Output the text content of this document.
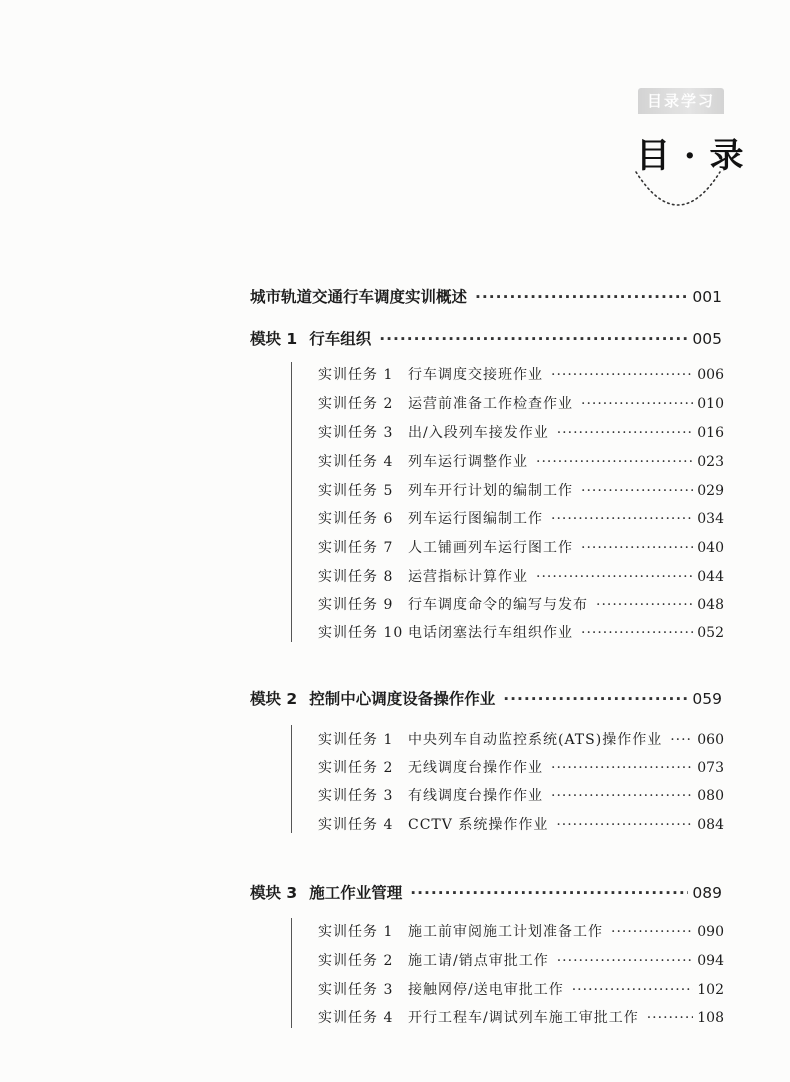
目录学习
目 · 录
城市轨道交通行车调度实训概述 ·····	001
模块 1 行车组织 ·····	005
实训任务 1	行车调度交接班作业 ·····	006
实训任务 2	运营前准备工作检查作业 ·····	010
实训任务 3	出/入段列车接发作业 ·····	016
实训任务 4	列车运行调整作业 ·····	023
实训任务 5	列车开行计划的编制工作 ·····	029
实训任务 6	列车运行图编制工作 ·····	034
实训任务 7	人工铺画列车运行图工作 ·····	040
实训任务 8	运营指标计算作业 ·····	044
实训任务 9	行车调度命令的编写与发布 ·····	048
实训任务 10 电话闭塞法行车组织作业 ·····	052
模块 2 控制中心调度设备操作作业 ·····	059
实训任务 1	中央列车自动监控系统(ATS)操作作业 ·····	060
实训任务 2	无线调度台操作作业 ·····	073
实训任务 3	有线调度台操作作业 ·····	080
实训任务 4	CCTV 系统操作作业 ·····	084
模块 3 施工作业管理 ·····	089
实训任务 1	施工前审阅施工计划准备工作 ·····	090
实训任务 2	施工请/销点审批工作 ·····	094
实训任务 3	接触网停/送电审批工作 ·····	102
实训任务 4	开行工程车/调试列车施工审批工作 ·····	108
